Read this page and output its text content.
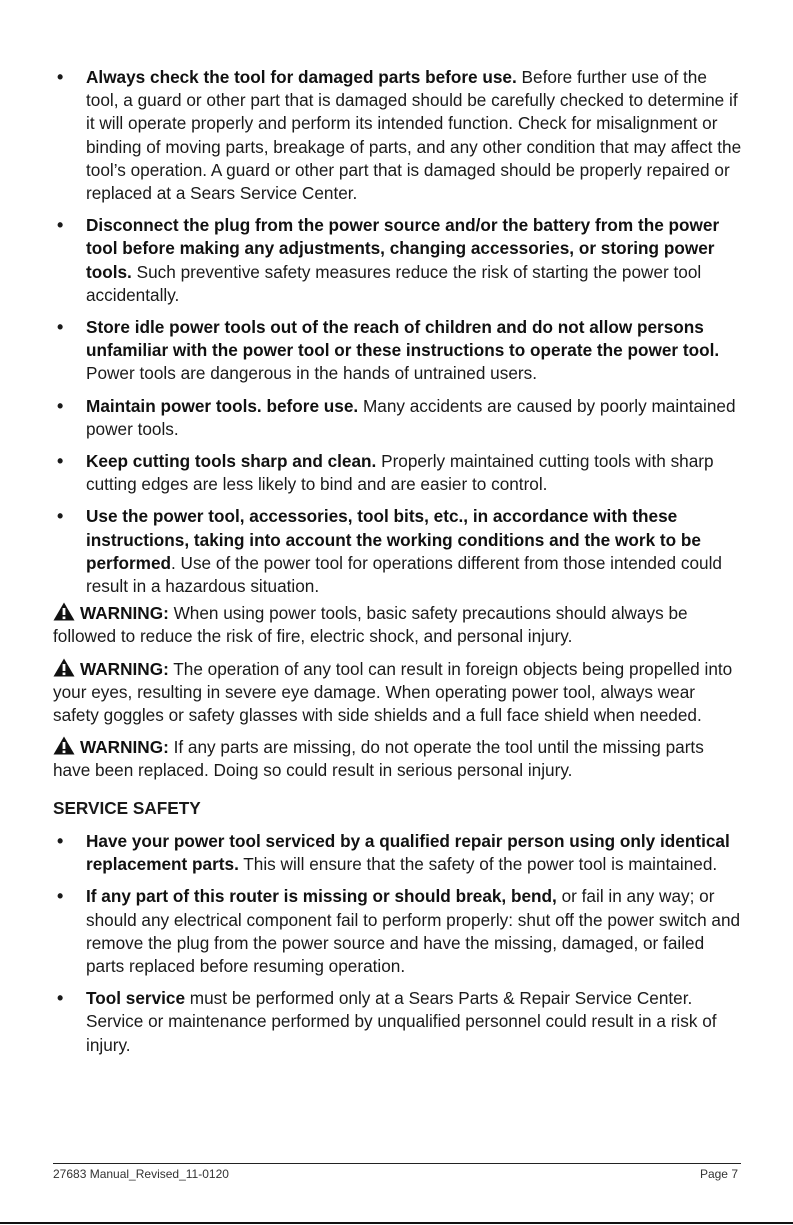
• Always check the tool for damaged parts before use. Before further use of the tool, a guard or other part that is damaged should be carefully checked to determine if it will operate properly and perform its intended function. Check for misalignment or binding of moving parts, breakage of parts, and any other condition that may affect the tool’s operation. A guard or other part that is damaged should be properly repaired or replaced at a Sears Service Center.
• Disconnect the plug from the power source and/or the battery from the power tool before making any adjustments, changing accessories, or storing power tools. Such preventive safety measures reduce the risk of starting the power tool accidentally.
• Store idle power tools out of the reach of children and do not allow persons unfamiliar with the power tool or these instructions to operate the power tool. Power tools are dangerous in the hands of untrained users.
• Maintain power tools. before use. Many accidents are caused by poorly maintained power tools.
• Keep cutting tools sharp and clean. Properly maintained cutting tools with sharp cutting edges are less likely to bind and are easier to control.
• Use the power tool, accessories, tool bits, etc., in accordance with these instructions, taking into account the working conditions and the work to be performed. Use of the power tool for operations different from those intended could result in a hazardous situation.
WARNING: When using power tools, basic safety precautions should always be followed to reduce the risk of fire, electric shock, and personal injury.
WARNING: The operation of any tool can result in foreign objects being propelled into your eyes, resulting in severe eye damage. When operating power tool, always wear safety goggles or safety glasses with side shields and a full face shield when needed.
WARNING: If any parts are missing, do not operate the tool until the missing parts have been replaced. Doing so could result in serious personal injury.
SERVICE SAFETY
• Have your power tool serviced by a qualified repair person using only identical replacement parts. This will ensure that the safety of the power tool is maintained.
• If any part of this router is missing or should break, bend, or fail in any way; or should any electrical component fail to perform properly: shut off the power switch and remove the plug from the power source and have the missing, damaged, or failed parts replaced before resuming operation.
• Tool service must be performed only at a Sears Parts & Repair Service Center. Service or maintenance performed by unqualified personnel could result in a risk of injury.
27683 Manual_Revised_11-0120	Page 7
